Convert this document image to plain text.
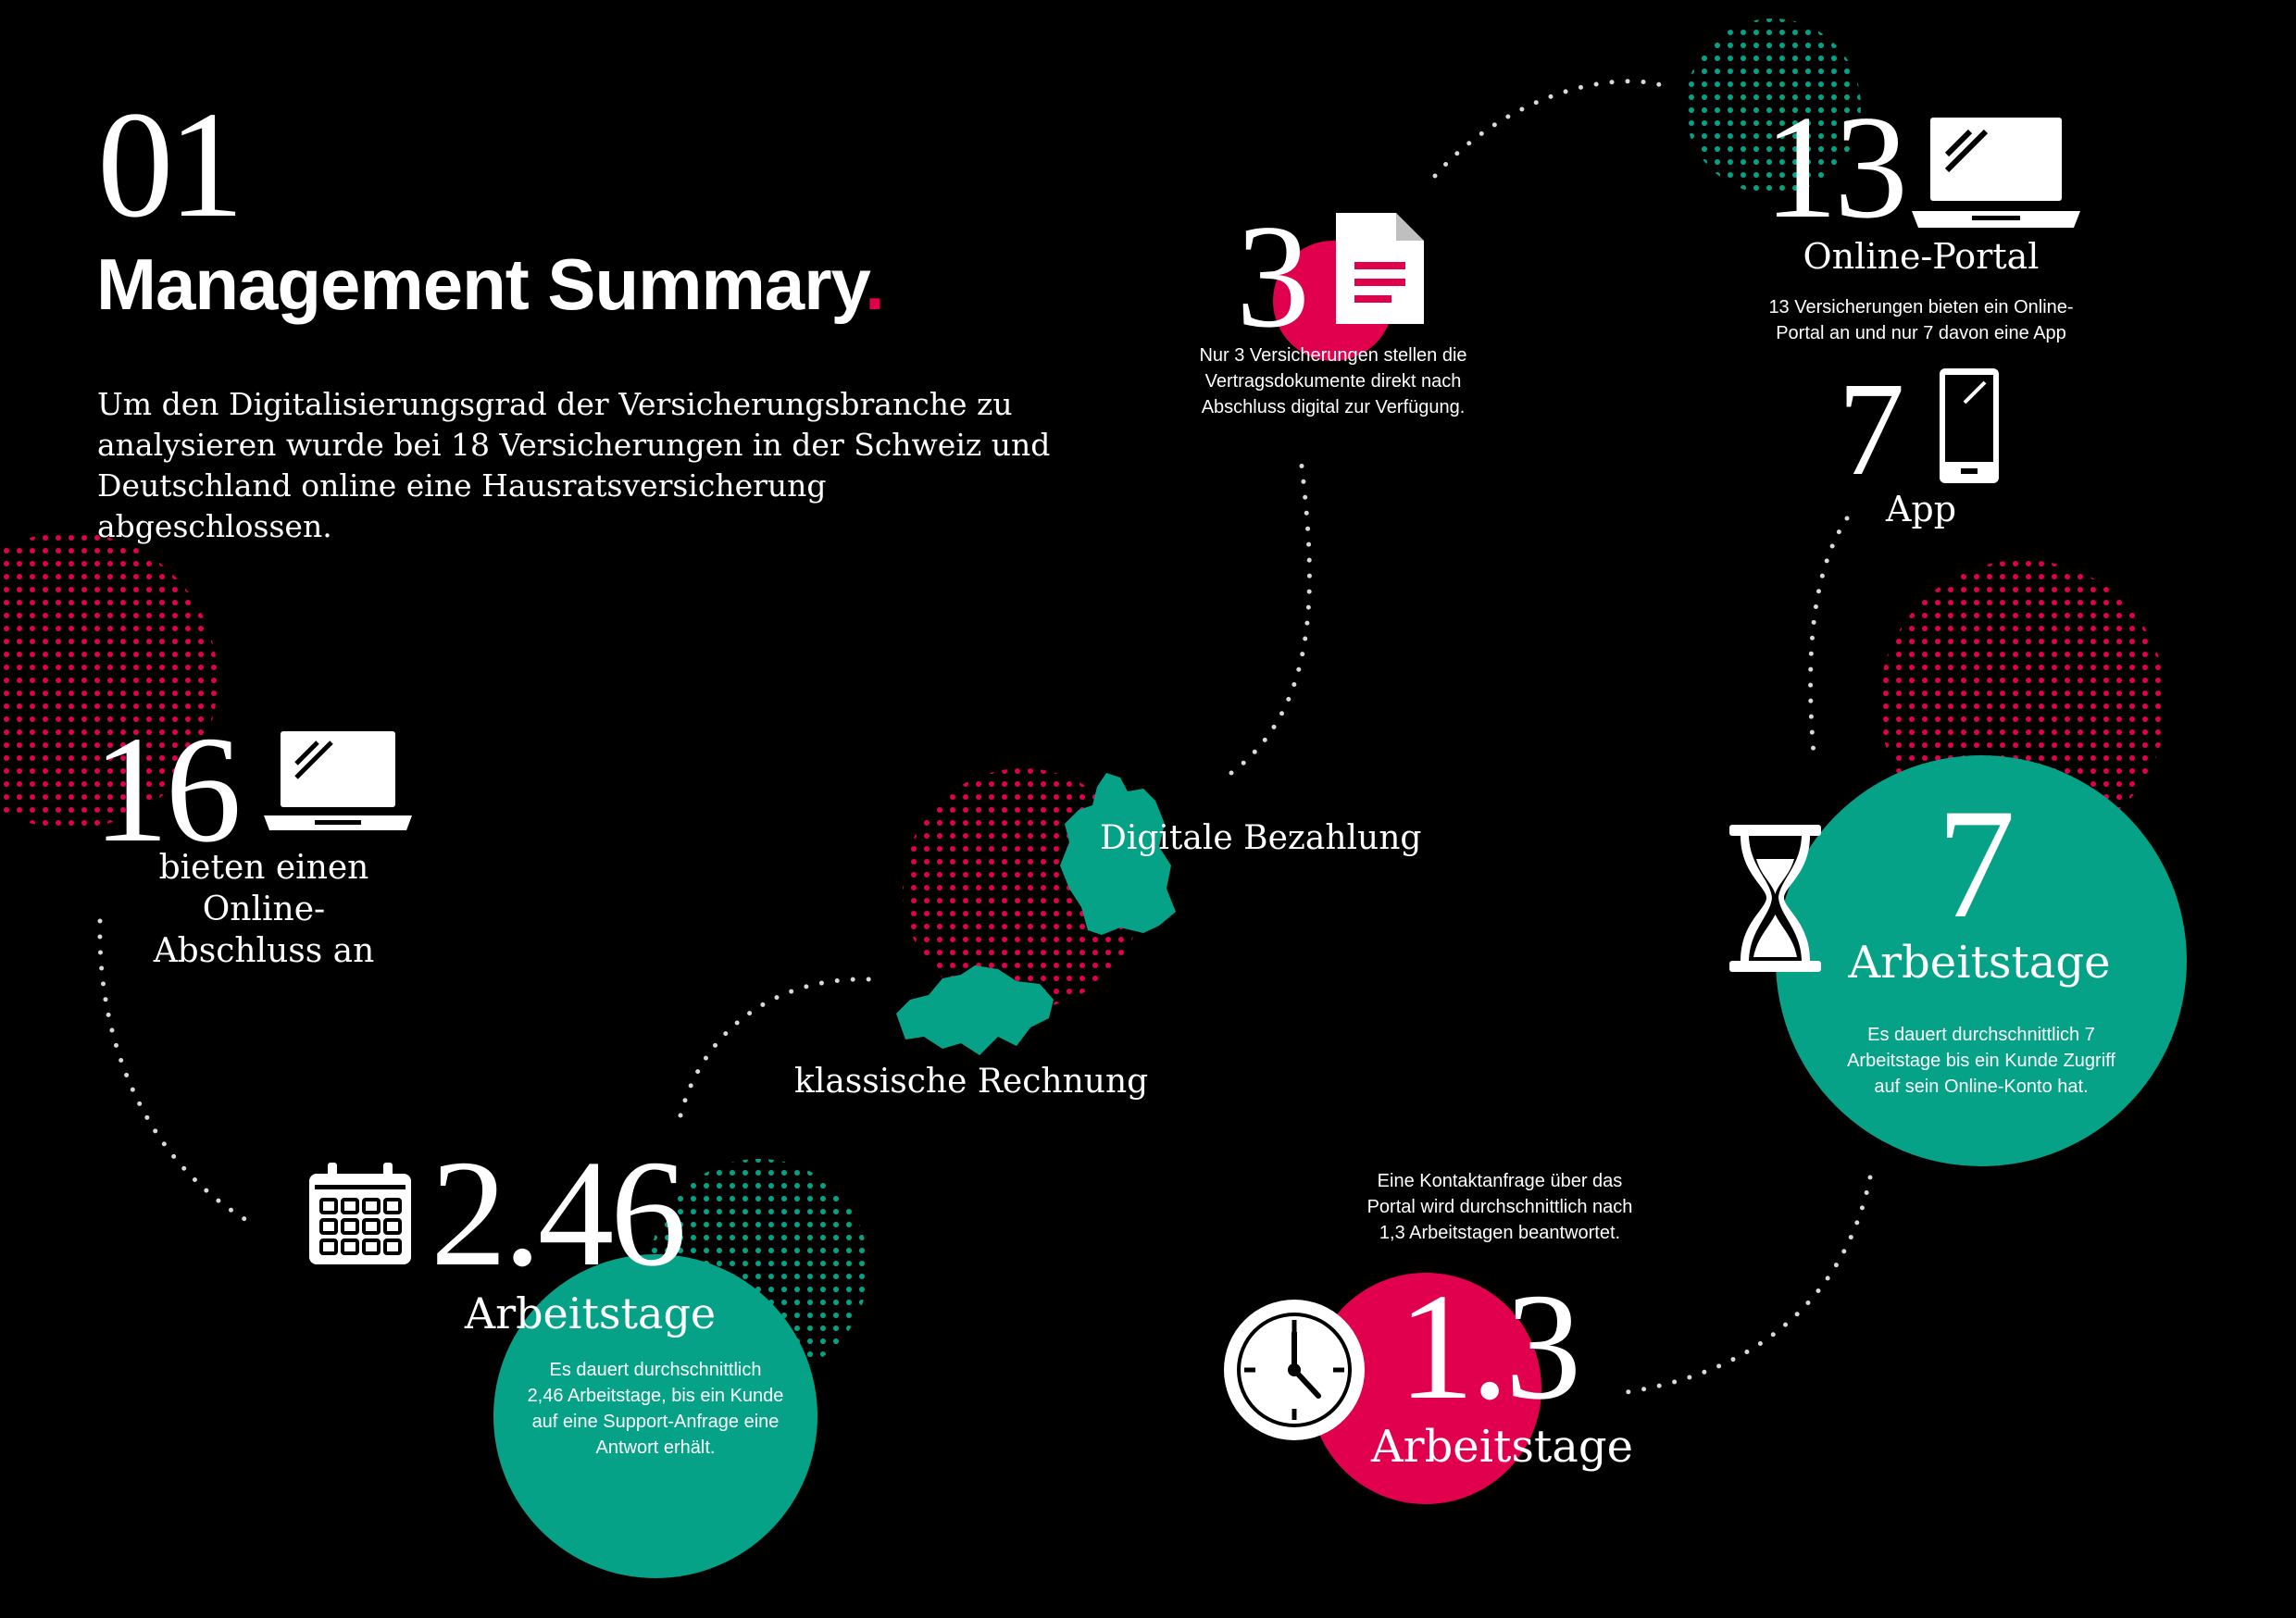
01
Management Summary.
Um den Digitalisierungsgrad der Versicherungsbranche zu analysieren wurde bei 18 Versicherungen in der Schweiz und Deutschland online eine Hausratsversicherung abgeschlossen.
16
bieten einen Online-
Abschluss an
3
Nur 3 Versicherungen stellen die
Vertragsdokumente direkt nach
Abschluss digital zur Verfügung.
13
Online-Portal
13 Versicherungen bieten ein Online-
Portal an und nur 7 davon eine App
7
App
Digitale Bezahlung
klassische Rechnung
2.46
Arbeitstage
Es dauert durchschnittlich
2,46 Arbeitstage, bis ein Kunde
auf eine Support-Anfrage eine
Antwort erhält.
Eine Kontaktanfrage über das
Portal wird durchschnittlich nach
1,3 Arbeitstagen beantwortet.
1.3
Arbeitstage
7
Arbeitstage
Es dauert durchschnittlich 7
Arbeitstage bis ein Kunde Zugriff
auf sein Online-Konto hat.
